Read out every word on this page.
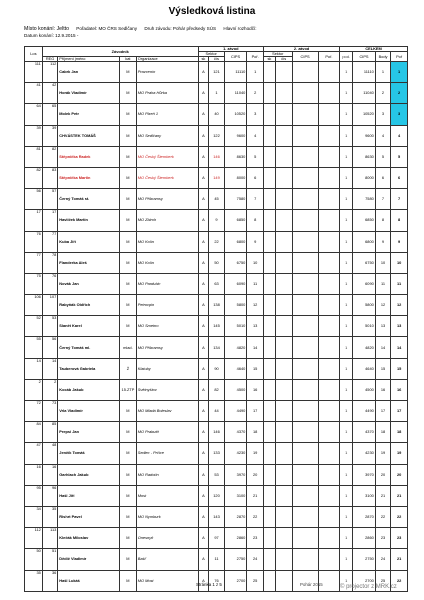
Výsledková listina
Místo konání: Jeltto Pořadatel: MO ČRS Sedlčany Druh závodu: Pohár předsedy SÚS Hlavní rozhodčí:
Datum konání: 12.9.2015 -
Los	Závodník				1. závod				2. závod				CELKEM			
					Sektor		CIPS	Poř.	Sektor		CIPS	Poř.	pod.	CIPS	Body	Poř
	REG	Příjmení jméno	kat	Organizace	sk	čís			sk	čís						
111	112	Cabrk Jan	M	Pravcenín	A	121	11110	1					1	11110	1	1
41	42	Horák Vladimír	M	MO Praha Hůrka	A	1	11040	2					1	11040	2	2
64	65	Molek Petr	M	MO Plzeň 1	A	40	10520	3					1	10520	3	3
39	39	CHVÁSTEK TOMÁŠ	M	MO Sedlčany	A	122	9600	4					1	9600	4	4
81	82	Stěpnička Radek	M	MO Český Šternberk	A	146	8630	5					1	8630	5	5
82	83	Stěpnička Martin	M	MO Český Šternberk	A	149	8000	6					1	8000	6	6
56	57	Černý Tomáš st.	M	MO Příbramsy	A	45	7580	7					1	7580	7	7
17	17	Havlíček Martin	M	MO Zbiroh	A	9	6850	8					1	6850	8	8
76	77	Kuba Jiří	M	MO Kolín	A	22	6800	9					1	6800	9	9
77	78	Flanderka Aleš	M	MO Kolín	A	50	6750	10					1	6750	10	10
75	76	Novák Jan	M	MO Pardubic	A	63	6090	11					1	6090	11	11
106	107	Rabyňák Oldřich	M	Petrovpin	A	138	5800	12					1	5800	12	12
52	53	Slanět Karel	M	MO Smetno	A	145	5010	13					1	5010	13	13
55	56	Černý Tomáš ml.	mlad.	MO Příbramsy	A	134	4820	14					1	4820	14	14
14	14	Tauberová Gabriela	Ž	Klatuby	A	90	4640	15					1	4640	15	15
2	2	Kocáb Jakub	15.ZTP	Světnyštov	A	82	4500	16					1	4500	16	16
72	73	Vrla Vladimír	M	MO Mladá Boleslav	A	44	4490	17					1	4490	17	17
84	85	Prepsi Jan	M	MO Prabuttt	A	146	4370	18					1	4370	18	18
47	48	Jenčík Tomáš	M	Sedlec - Prčice	A	133	4230	19					1	4230	19	19
16	16	Garhlach Jakub	M	MO Radotín	A	53	3970	20					1	3970	20	20
95	96	Hašl Jiří	M	Most	A	120	3100	21					1	3100	21	21
34	35	Rishrt Pavel	M	MO Nymburk	A	143	2870	22					1	2870	22	22
112	113	Klečák Miloslav	M	Onesnyň	A	97	2860	23					1	2860	23	23
50	51	Dědič Vladimír	M	Bašť	A	11	2750	24					1	2750	24	21
35	36	Hašl Lukáš	M	MO Most	A	76	2700	25					1	2700	25	22
Stránka 1 z 5	Pohár 2015	© projector z MRK.cz
